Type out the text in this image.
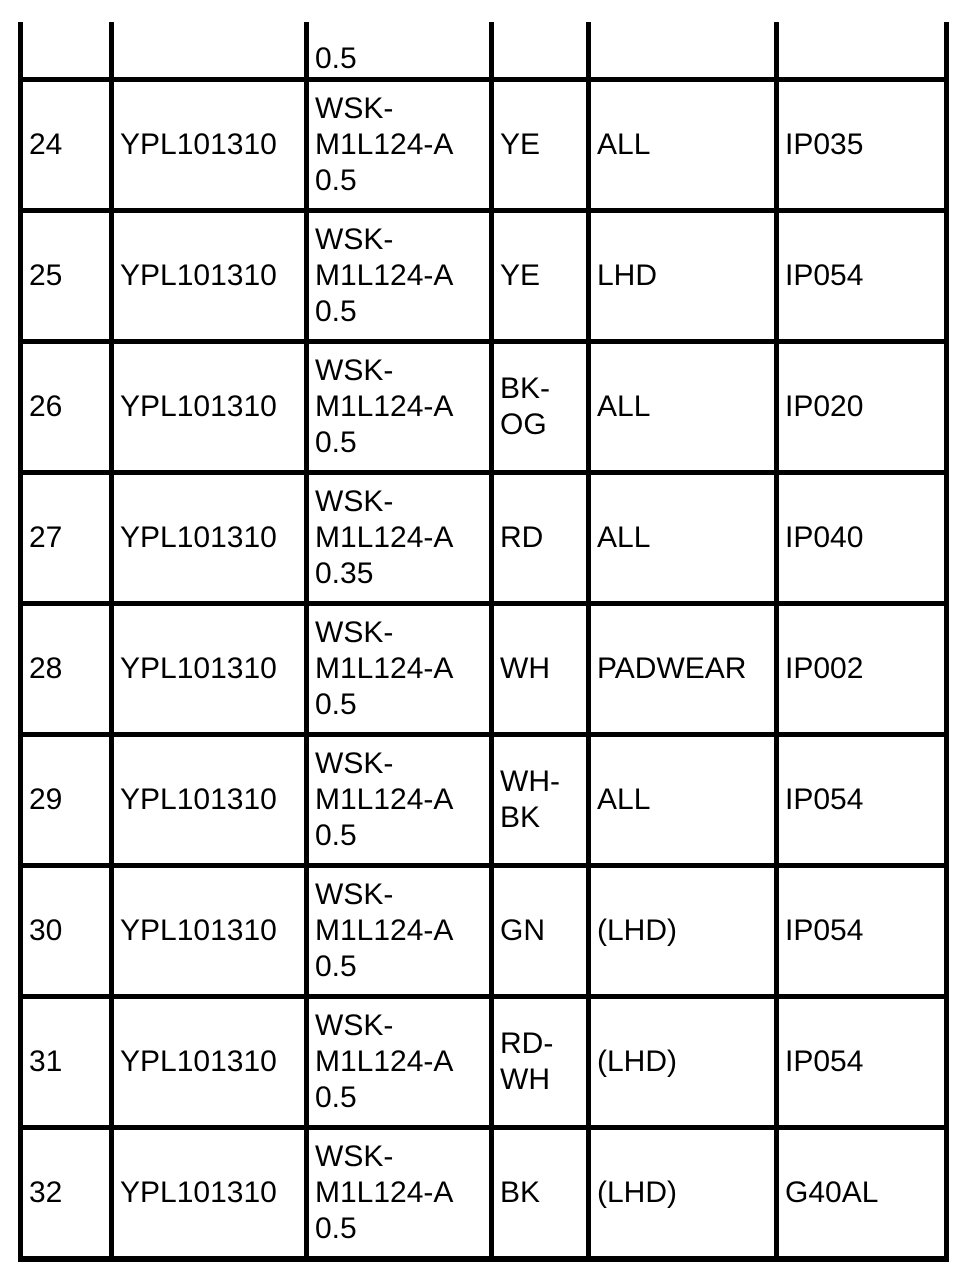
		0.5			
24	YPL101310	WSK-
M1L124-A
0.5	YE	ALL	IP035
25	YPL101310	WSK-
M1L124-A
0.5	YE	LHD	IP054
26	YPL101310	WSK-
M1L124-A
0.5	BK-
OG	ALL	IP020
27	YPL101310	WSK-
M1L124-A
0.35	RD	ALL	IP040
28	YPL101310	WSK-
M1L124-A
0.5	WH	PADWEAR	IP002
29	YPL101310	WSK-
M1L124-A
0.5	WH-
BK	ALL	IP054
30	YPL101310	WSK-
M1L124-A
0.5	GN	(LHD)	IP054
31	YPL101310	WSK-
M1L124-A
0.5	RD-
WH	(LHD)	IP054
32	YPL101310	WSK-
M1L124-A
0.5	BK	(LHD)	G40AL
